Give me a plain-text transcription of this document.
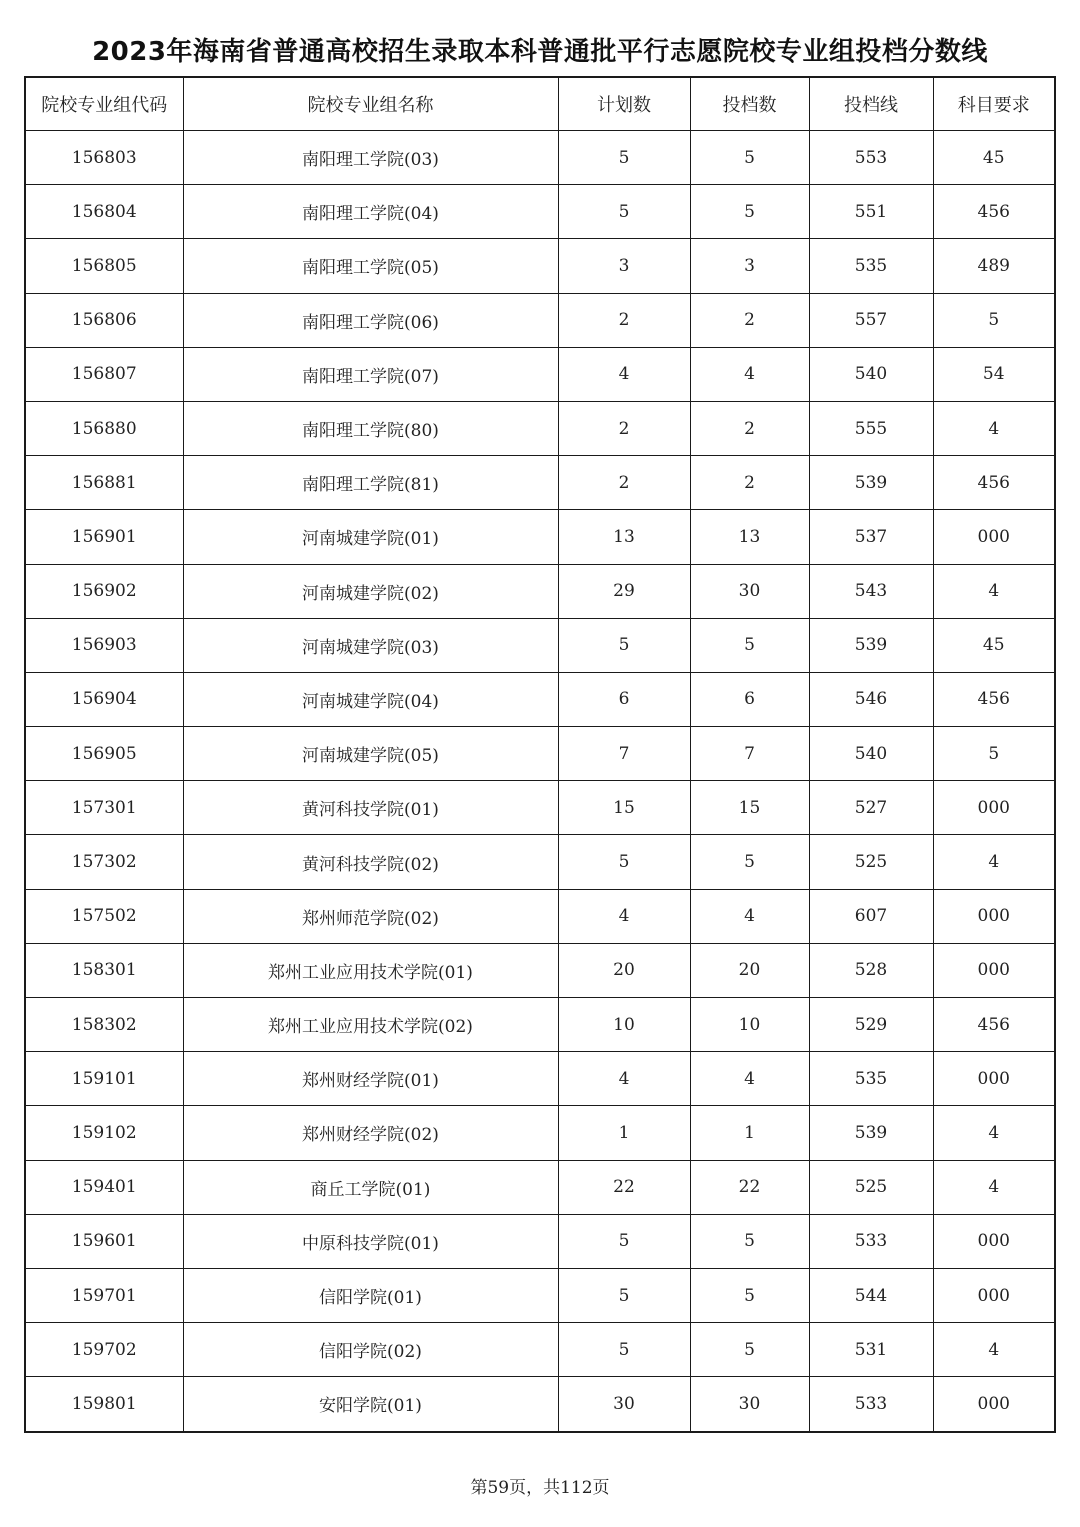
2023年海南省普通高校招生录取本科普通批平行志愿院校专业组投档分数线
院校专业组代码	院校专业组名称	计划数	投档数	投档线	科目要求
156803	南阳理工学院(03)	5	5	553	45
156804	南阳理工学院(04)	5	5	551	456
156805	南阳理工学院(05)	3	3	535	489
156806	南阳理工学院(06)	2	2	557	5
156807	南阳理工学院(07)	4	4	540	54
156880	南阳理工学院(80)	2	2	555	4
156881	南阳理工学院(81)	2	2	539	456
156901	河南城建学院(01)	13	13	537	000
156902	河南城建学院(02)	29	30	543	4
156903	河南城建学院(03)	5	5	539	45
156904	河南城建学院(04)	6	6	546	456
156905	河南城建学院(05)	7	7	540	5
157301	黄河科技学院(01)	15	15	527	000
157302	黄河科技学院(02)	5	5	525	4
157502	郑州师范学院(02)	4	4	607	000
158301	郑州工业应用技术学院(01)	20	20	528	000
158302	郑州工业应用技术学院(02)	10	10	529	456
159101	郑州财经学院(01)	4	4	535	000
159102	郑州财经学院(02)	1	1	539	4
159401	商丘工学院(01)	22	22	525	4
159601	中原科技学院(01)	5	5	533	000
159701	信阳学院(01)	5	5	544	000
159702	信阳学院(02)	5	5	531	4
159801	安阳学院(01)	30	30	533	000
第59页，共112页
